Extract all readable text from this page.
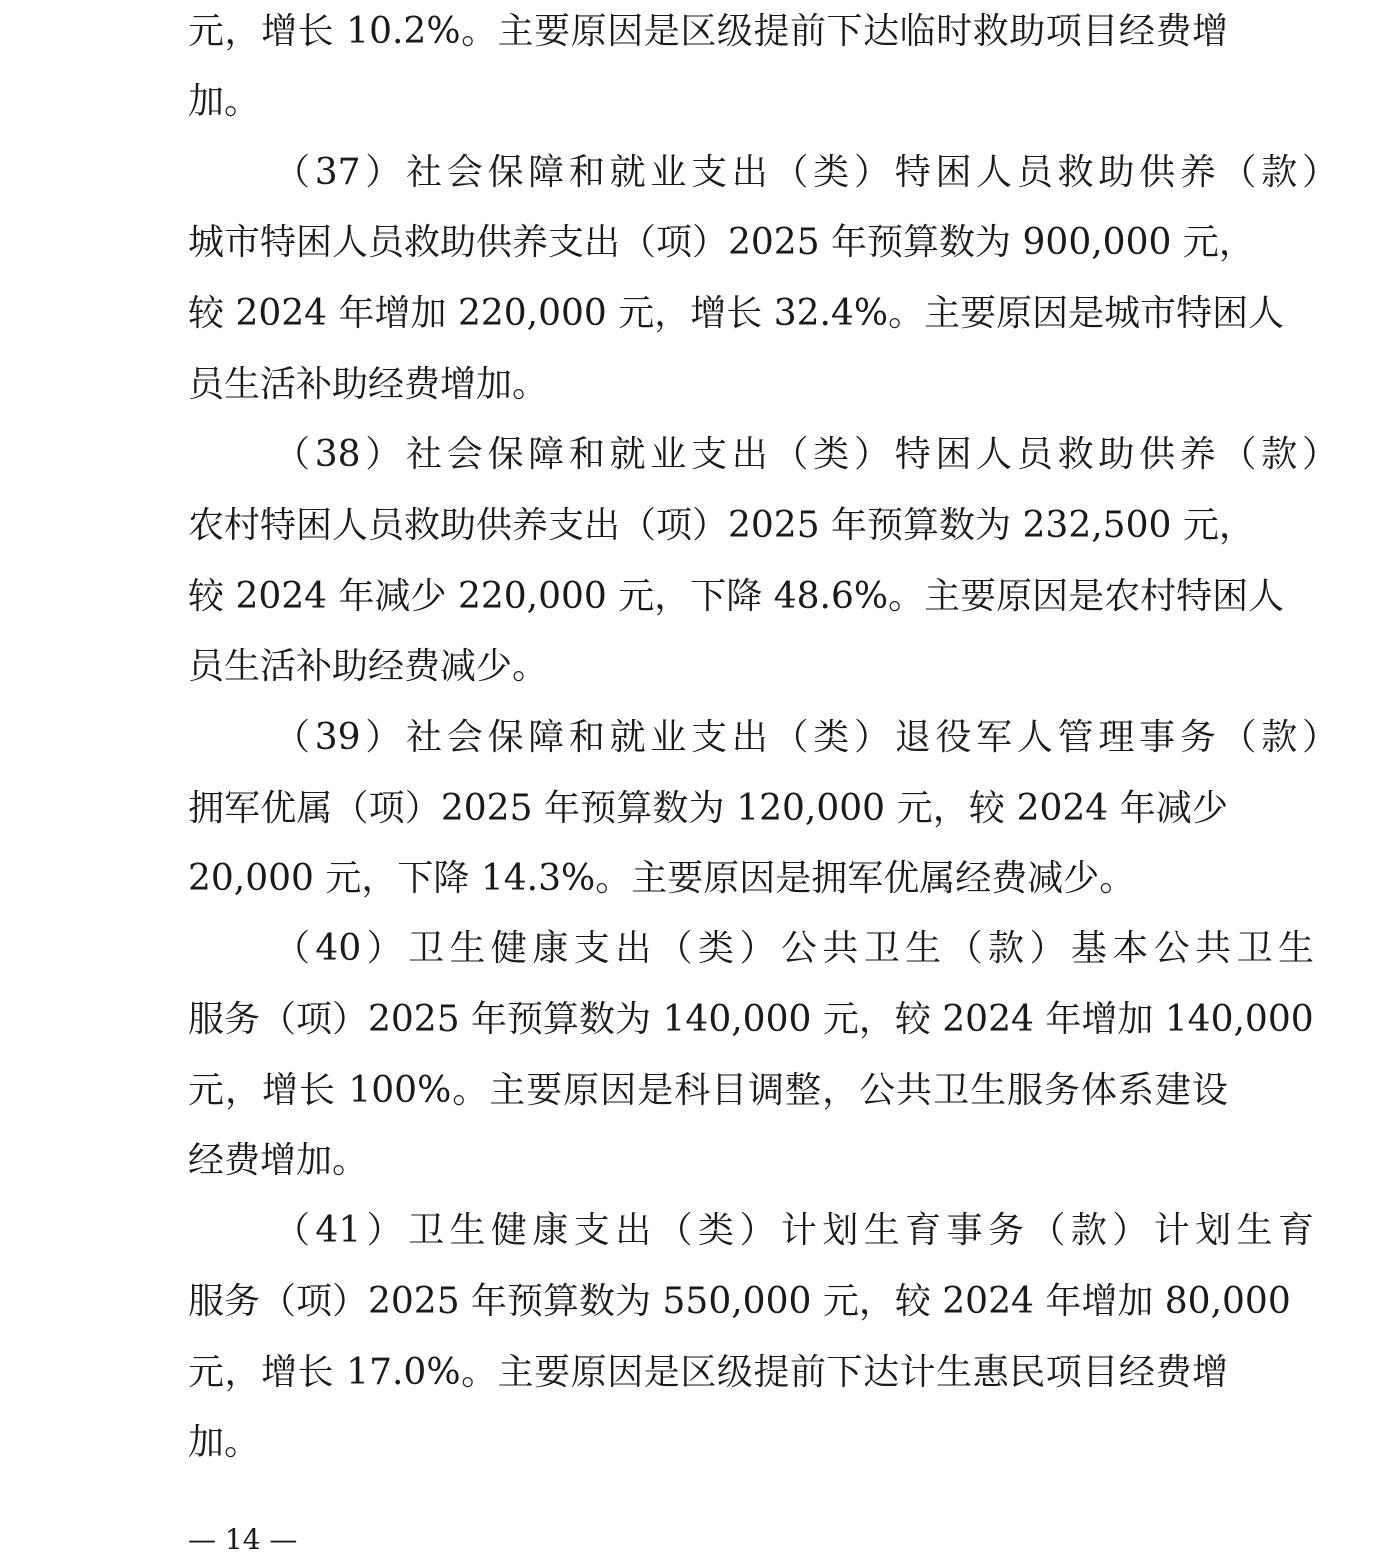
元，增长 10.2%。主要原因是区级提前下达临时救助项目经费增
加。
（37）社会保障和就业支出（类）特困人员救助供养（款）
城市特困人员救助供养支出（项）2025 年预算数为 900,000 元，
较 2024 年增加 220,000 元，增长 32.4%。主要原因是城市特困人
员生活补助经费增加。
（38）社会保障和就业支出（类）特困人员救助供养（款）
农村特困人员救助供养支出（项）2025 年预算数为 232,500 元，
较 2024 年减少 220,000 元，下降 48.6%。主要原因是农村特困人
员生活补助经费减少。
（39）社会保障和就业支出（类）退役军人管理事务（款）
拥军优属（项）2025 年预算数为 120,000 元，较 2024 年减少
20,000 元，下降 14.3%。主要原因是拥军优属经费减少。
（40）卫生健康支出（类）公共卫生（款）基本公共卫生
服务（项）2025 年预算数为 140,000 元，较 2024 年增加 140,000
元，增长 100%。主要原因是科目调整，公共卫生服务体系建设
经费增加。
（41）卫生健康支出（类）计划生育事务（款）计划生育
服务（项）2025 年预算数为 550,000 元，较 2024 年增加 80,000
元，增长 17.0%。主要原因是区级提前下达计生惠民项目经费增
加。
— 14 —
